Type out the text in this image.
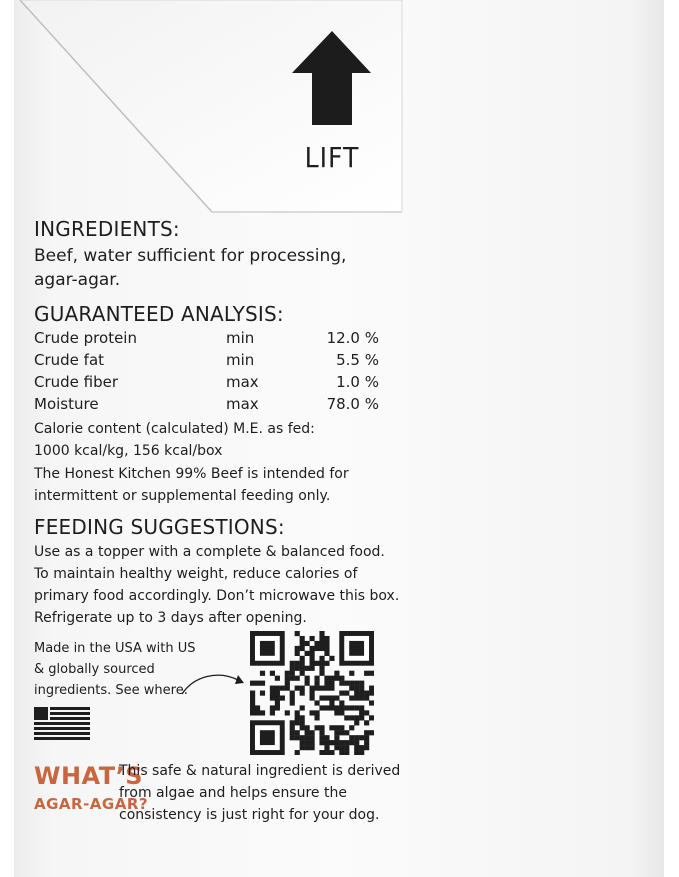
LIFT
INGREDIENTS:
Beef, water sufficient for processing,
agar-agar.
GUARANTEED ANALYSIS:
Crude protein	min	12.0 %
Crude fat	min	5.5 %
Crude fiber	max	1.0 %
Moisture	max	78.0 %
Calorie content (calculated) M.E. as fed:
1000 kcal/kg, 156 kcal/box
The Honest Kitchen 99% Beef is intended for
intermittent or supplemental feeding only.
FEEDING SUGGESTIONS:
Use as a topper with a complete & balanced food.
To maintain healthy weight, reduce calories of
primary food accordingly. Don’t microwave this box.
Refrigerate up to 3 days after opening.
Made in the USA with US
& globally sourced
ingredients. See where.
WHAT’S
AGAR-AGAR?
This safe & natural ingredient is derived
from algae and helps ensure the
consistency is just right for your dog.
